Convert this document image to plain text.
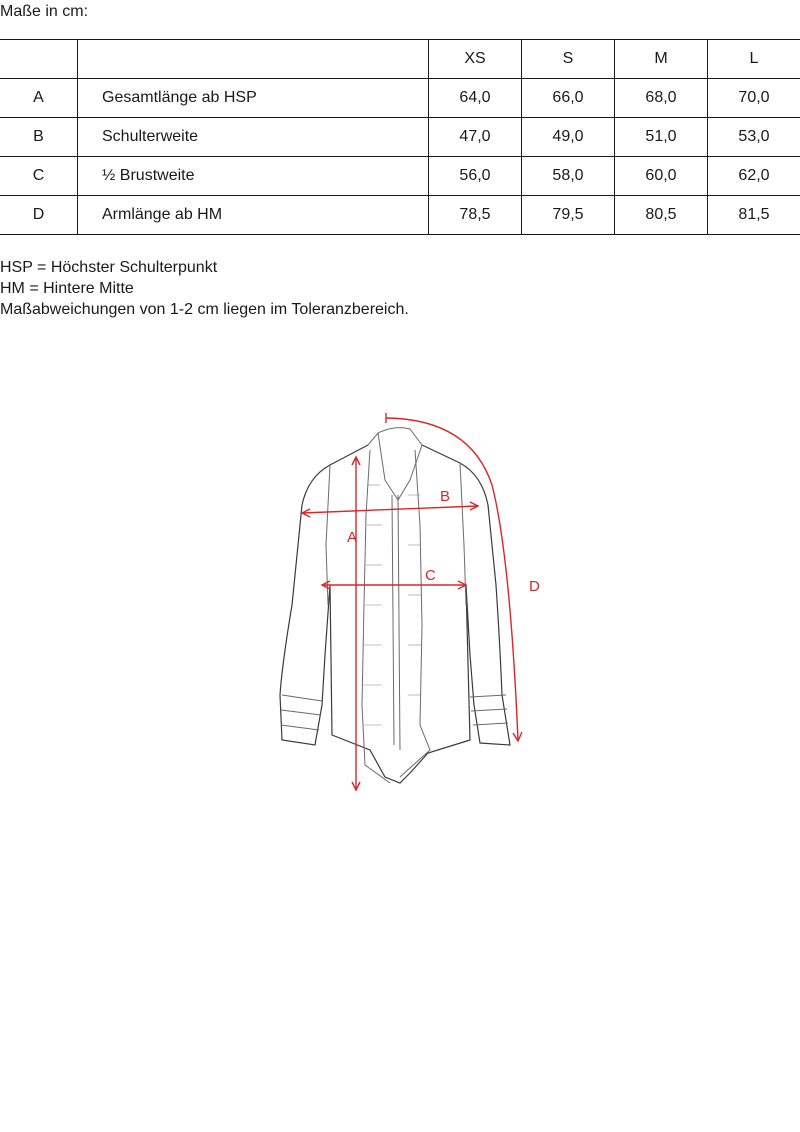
Maße in cm:
		XS	S	M	L
A	Gesamtlänge ab HSP	64,0	66,0	68,0	70,0
B	Schulterweite	47,0	49,0	51,0	53,0
C	½ Brustweite	56,0	58,0	60,0	62,0
D	Armlänge ab HM	78,5	79,5	80,5	81,5
HSP = Höchster Schulterpunkt
HM = Hintere Mitte
Maßabweichungen von 1-2 cm liegen im Toleranzbereich.
A
B
C
D
